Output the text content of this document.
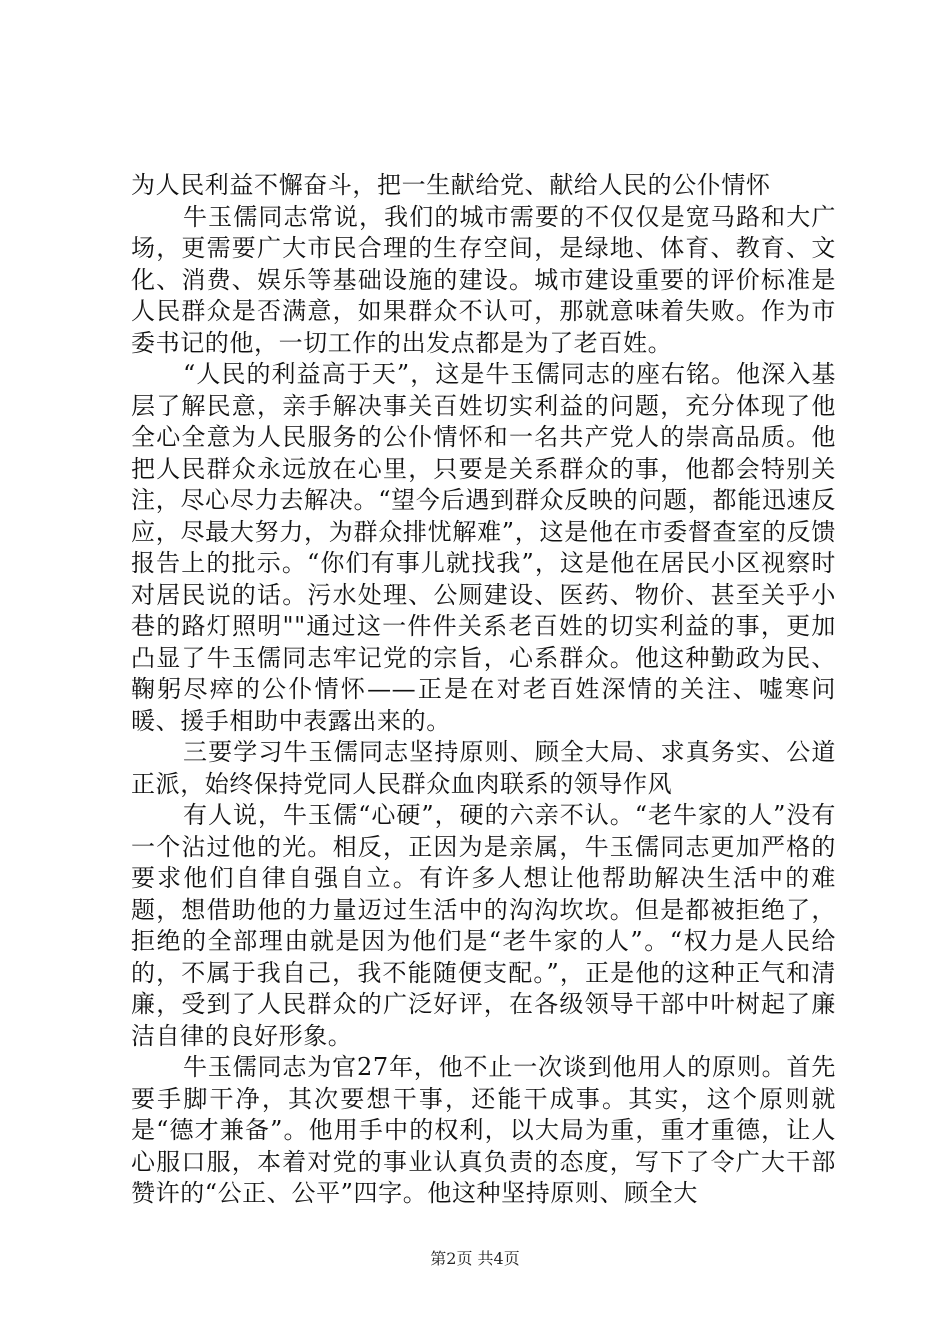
为人民利益不懈奋斗，把一生献给党、献给人民的公仆情怀

牛玉儒同志常说，我们的城市需要的不仅仅是宽马路和大广场，更需要广大市民合理的生存空间，是绿地、体育、教育、文化、消费、娱乐等基础设施的建设。城市建设重要的评价标准是人民群众是否满意，如果群众不认可，那就意味着失败。作为市委书记的他，一切工作的出发点都是为了老百姓。

“人民的利益高于天”，这是牛玉儒同志的座右铭。他深入基层了解民意，亲手解决事关百姓切实利益的问题，充分体现了他全心全意为人民服务的公仆情怀和一名共产党人的崇高品质。他把人民群众永远放在心里，只要是关系群众的事，他都会特别关注，尽心尽力去解决。“望今后遇到群众反映的问题，都能迅速反应，尽最大努力，为群众排忧解难”，这是他在市委督查室的反馈报告上的批示。“你们有事儿就找我”，这是他在居民小区视察时对居民说的话。污水处理、公厕建设、医药、物价、甚至关乎小巷的路灯照明""通过这一件件关系老百姓的切实利益的事，更加凸显了牛玉儒同志牢记党的宗旨，心系群众。他这种勤政为民、鞠躬尽瘁的公仆情怀——正是在对老百姓深情的关注、嘘寒问暖、援手相助中表露出来的。

三要学习牛玉儒同志坚持原则、顾全大局、求真务实、公道正派，始终保持党同人民群众血肉联系的领导作风

有人说，牛玉儒“心硬”，硬的六亲不认。“老牛家的人”没有一个沾过他的光。相反，正因为是亲属，牛玉儒同志更加严格的要求他们自律自强自立。有许多人想让他帮助解决生活中的难题，想借助他的力量迈过生活中的沟沟坎坎。但是都被拒绝了，拒绝的全部理由就是因为他们是“老牛家的人”。“权力是人民给的，不属于我自己，我不能随便支配。”，正是他的这种正气和清廉，受到了人民群众的广泛好评，在各级领导干部中叶树起了廉洁自律的良好形象。

牛玉儒同志为官27年，他不止一次谈到他用人的原则。首先要手脚干净，其次要想干事，还能干成事。其实，这个原则就是“德才兼备”。他用手中的权利，以大局为重，重才重德，让人心服口服，本着对党的事业认真负责的态度，写下了令广大干部赞许的“公正、公平”四字。他这种坚持原则、顾全大

第2页 共4页
